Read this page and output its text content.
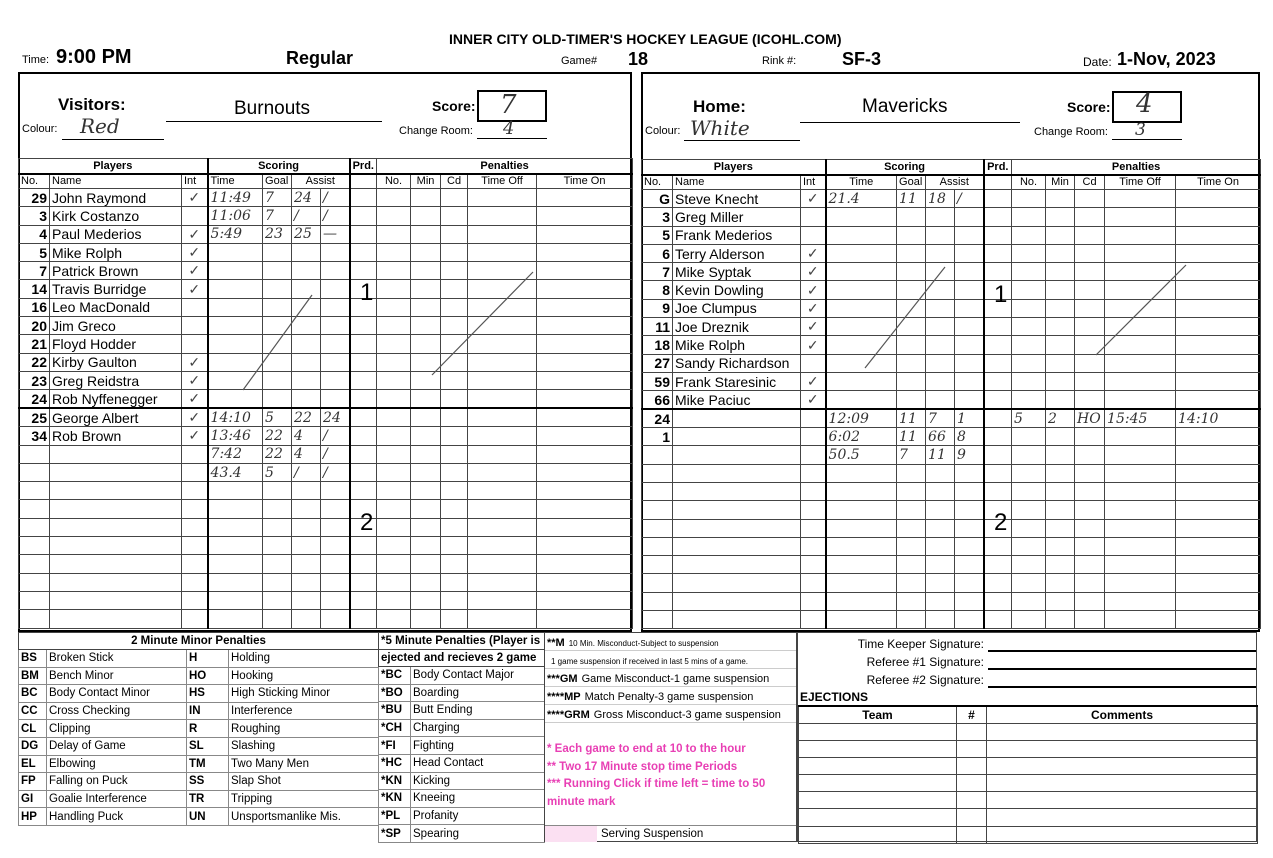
INNER CITY OLD-TIMER'S HOCKEY LEAGUE (ICOHL.COM)
Time: 9:00 PM	Regular	Game# 18	Rink #:	SF-3	Date: 1-Nov, 2023
Visitors:
Colour: Red
Burnouts	Score: 7
Change Room: 4
Home:
Colour: White
Mavericks	Score: 4
Change Room: 3
Players			Scoring				Prd.	Penalties				
No.	Name	Int	Time	Goal	Assist			No.	Min	Cd	Time Off	Time On
29	John Raymond	✓	11:49	7	24	/						
3	Kirk Costanzo		11:06	7	/	/						
4	Paul Mederios	✓	5:49	23	25	—						
5	Mike Rolph	✓										
7	Patrick Brown	✓										
14	Travis Burridge	✓										
16	Leo MacDonald											
20	Jim Greco											
21	Floyd Hodder											
22	Kirby Gaulton	✓										
23	Greg Reidstra	✓										
24	Rob Nyffenegger	✓										
25	George Albert	✓	14:10	5	22	24						
34	Rob Brown	✓	13:46	22	4	/						
			7:42	22	4	/						
			43.4	5	/	/						

Players			Scoring				Prd.	Penalties				
No.	Name	Int	Time	Goal	Assist			No.	Min	Cd	Time Off	Time On
G	Steve Knecht	✓	21.4	11	18	/						
3	Greg Miller											
5	Frank Mederios											
6	Terry Alderson	✓										
7	Mike Syptak	✓										
8	Kevin Dowling	✓										
9	Joe Clumpus	✓										
11	Joe Dreznik	✓										
18	Mike Rolph	✓										
27	Sandy Richardson											
59	Frank Staresinic	✓										
66	Mike Paciuc	✓										
24			12:09	11	7	1		5	2	HO	15:45	14:10
1			6:02	11	66	8						
			50.5	7	11	9						

1
2
1
2
2 Minute Minor Penalties			
BS	Broken Stick	H	Holding
BM	Bench Minor	HO	Hooking
BC	Body Contact Minor	HS	High Sticking Minor
CC	Cross Checking	IN	Interference
CL	Clipping	R	Roughing
DG	Delay of Game	SL	Slashing
EL	Elbowing	TM	Two Many Men
FP	Falling on Puck	SS	Slap Shot
GI	Goalie Interference	TR	Tripping
HP	Handling Puck	UN	Unsportsmanlike Mis.
*5 Minute Penalties (Player is	
ejected and recieves 2 game	
*BC	Body Contact Major
*BO	Boarding
*BU	Butt Ending
*CH	Charging
*FI	Fighting
*HC	Head Contact
*KN	Kicking
*KN	Kneeing
*PL	Profanity
*SP	Spearing
**M 10 Min. Misconduct-Subject to suspension
1 game suspension if received in last 5 mins of a game.
***GM Game Misconduct-1 game suspension
****MP Match Penalty-3 game suspension
****GRM Gross Misconduct-3 game suspension
* Each game to end at 10 to the hour
** Two 17 Minute stop time Periods
*** Running Click if time left = time to 50
minute mark
Serving Suspension
Time Keeper Signature:
Referee #1 Signature:
Referee #2 Signature:
EJECTIONS
Team	#	Comments
